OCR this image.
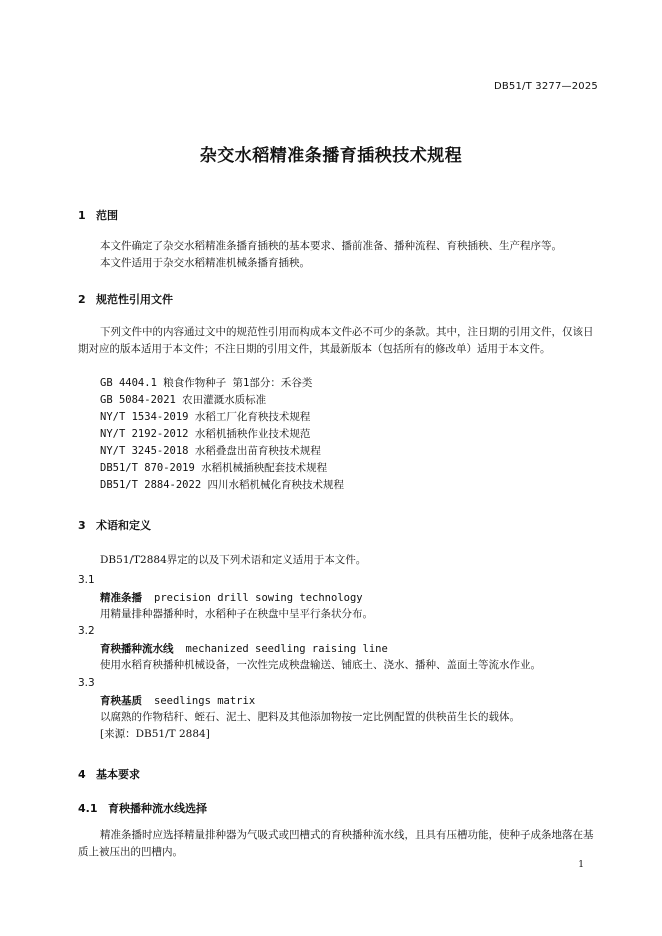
DB51/T 3277—2025
杂交水稻精准条播育插秧技术规程
1 范围
本文件确定了杂交水稻精准条播育插秧的基本要求、播前准备、播种流程、育秧插秧、生产程序等。
本文件适用于杂交水稻精准机械条播育插秧。
2 规范性引用文件
下列文件中的内容通过文中的规范性引用而构成本文件必不可少的条款。其中，注日期的引用文件，仅该日期对应的版本适用于本文件；不注日期的引用文件，其最新版本（包括所有的修改单）适用于本文件。
GB 4404.1 粮食作物种子 第1部分：禾谷类
GB 5084-2021 农田灌溉水质标准
NY/T 1534-2019 水稻工厂化育秧技术规程
NY/T 2192-2012 水稻机插秧作业技术规范
NY/T 3245-2018 水稻叠盘出苗育秧技术规程
DB51/T 870-2019 水稻机械插秧配套技术规程
DB51/T 2884-2022 四川水稻机械化育秧技术规程
3 术语和定义
DB51/T2884界定的以及下列术语和定义适用于本文件。
3.1
精准条播 precision drill sowing technology
用精量排种器播种时，水稻种子在秧盘中呈平行条状分布。
3.2
育秧播种流水线 mechanized seedling raising line
使用水稻育秧播种机械设备，一次性完成秧盘输送、铺底土、浇水、播种、盖面土等流水作业。
3.3
育秧基质 seedlings matrix
以腐熟的作物秸秆、蛭石、泥土、肥料及其他添加物按一定比例配置的供秧苗生长的载体。
[来源：DB51/T 2884]
4 基本要求
4.1 育秧播种流水线选择
精准条播时应选择精量排种器为气吸式或凹槽式的育秧播种流水线，且具有压槽功能，使种子成条地落在基质上被压出的凹槽内。
1
